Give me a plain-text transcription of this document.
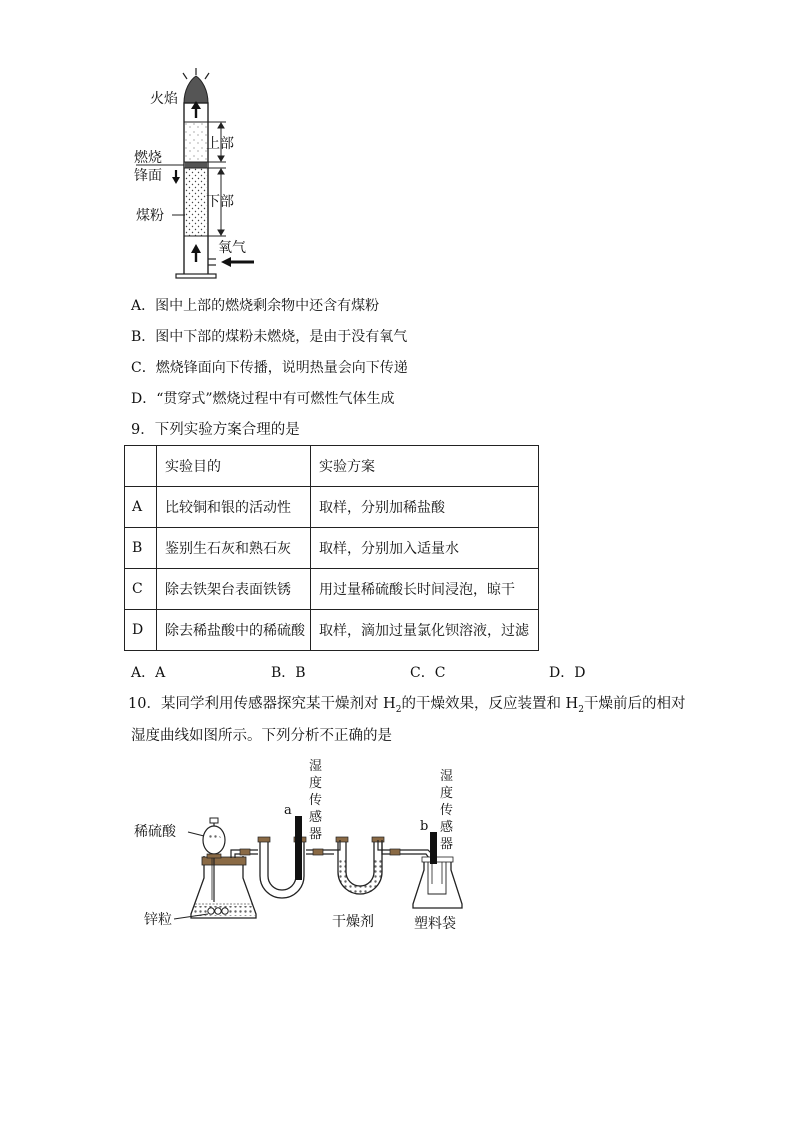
火焰
上部
燃烧
锋面
下部
煤粉
氧气
A．图中上部的燃烧剩余物中还含有煤粉
B．图中下部的煤粉未燃烧，是由于没有氧气
C．燃烧锋面向下传播，说明热量会向下传递
D．“贯穿式”燃烧过程中有可燃性气体生成
9．下列实验方案合理的是
	实验目的	实验方案
A	比较铜和银的活动性	取样，分别加稀盐酸
B	鉴别生石灰和熟石灰	取样，分别加入适量水
C	除去铁架台表面铁锈	用过量稀硫酸长时间浸泡，晾干
D	除去稀盐酸中的稀硫酸	取样，滴加过量氯化钡溶液，过滤
A．A	B．B	C．C	D．D
10．某同学利用传感器探究某干燥剂对 $H_2$的干燥效果，反应装置和 $H_2$干燥前后的相对
湿度曲线如图所示。下列分析不正确的是
a
湿
度
传
感
器
b
湿
度
传
感
器
稀硫酸
锌粒	干燥剂	塑料袋
